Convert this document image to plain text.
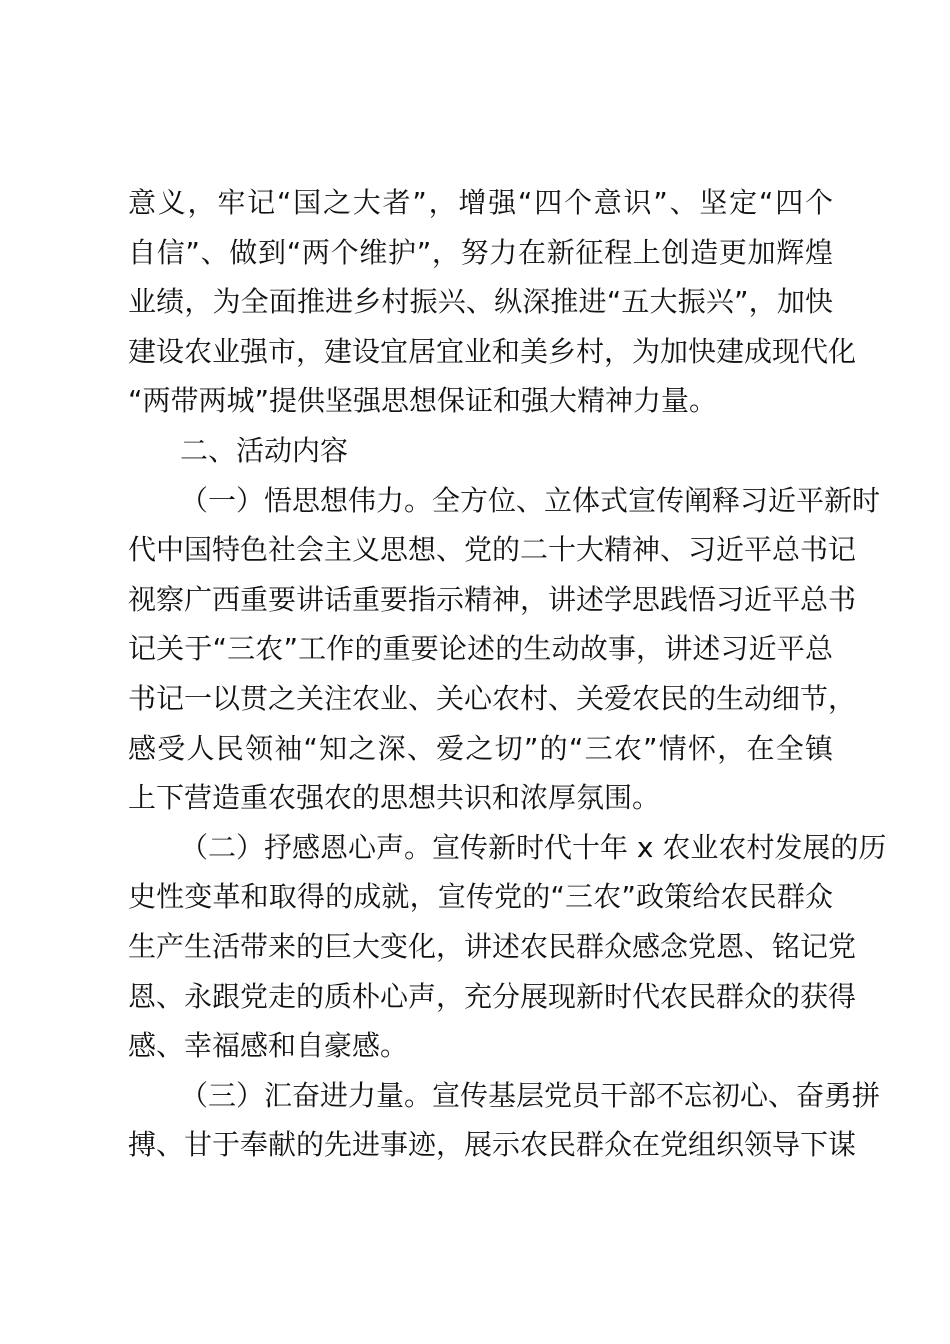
意义，牢记“国之大者”，增强“四个意识”、坚定“四个
自信”、做到“两个维护”，努力在新征程上创造更加辉煌
业绩，为全面推进乡村振兴、纵深推进“五大振兴”，加快
建设农业强市，建设宜居宜业和美乡村，为加快建成现代化
“两带两城”提供坚强思想保证和强大精神力量。
二、活动内容
（一）悟思想伟力。全方位、立体式宣传阐释习近平新时
代中国特色社会主义思想、党的二十大精神、习近平总书记
视察广西重要讲话重要指示精神，讲述学思践悟习近平总书
记关于“三农”工作的重要论述的生动故事，讲述习近平总
书记一以贯之关注农业、关心农村、关爱农民的生动细节，
感受人民领袖“知之深、爱之切”的“三农”情怀，在全镇
上下营造重农强农的思想共识和浓厚氛围。
（二）抒感恩心声。宣传新时代十年 x 农业农村发展的历
史性变革和取得的成就，宣传党的“三农”政策给农民群众
生产生活带来的巨大变化，讲述农民群众感念党恩、铭记党
恩、永跟党走的质朴心声，充分展现新时代农民群众的获得
感、幸福感和自豪感。
（三）汇奋进力量。宣传基层党员干部不忘初心、奋勇拼
搏、甘于奉献的先进事迹，展示农民群众在党组织领导下谋
